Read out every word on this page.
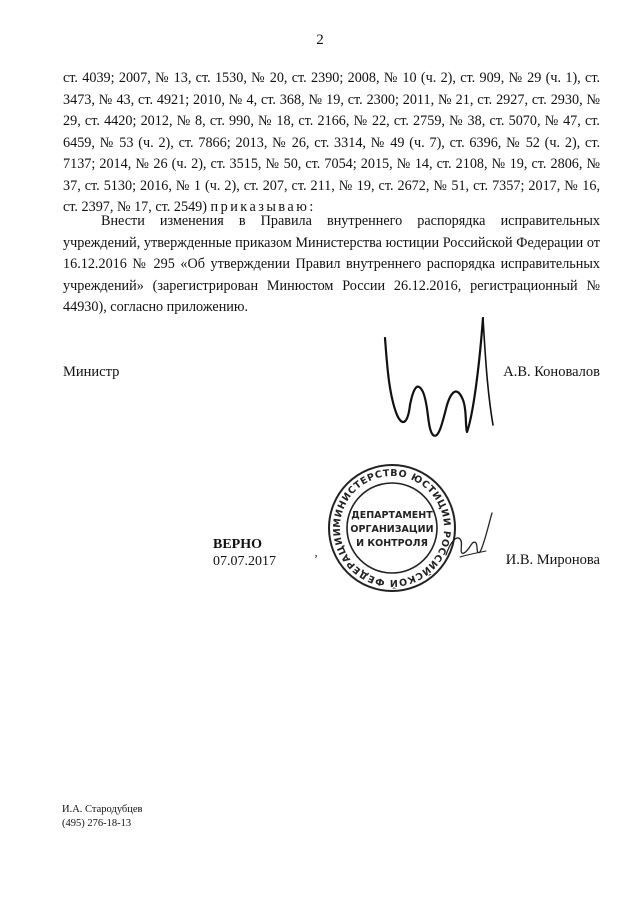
2
ст. 4039; 2007, № 13, ст. 1530, № 20, ст. 2390; 2008, № 10 (ч. 2), ст. 909, № 29 (ч. 1), ст. 3473, № 43, ст. 4921; 2010, № 4, ст. 368, № 19, ст. 2300; 2011, № 21, ст. 2927, ст. 2930, № 29, ст. 4420; 2012, № 8, ст. 990, № 18, ст. 2166, № 22, ст. 2759, № 38, ст. 5070, № 47, ст. 6459, № 53 (ч. 2), ст. 7866; 2013, № 26, ст. 3314, № 49 (ч. 7), ст. 6396, № 52 (ч. 2), ст. 7137; 2014, № 26 (ч. 2), ст. 3515, № 50, ст. 7054; 2015, № 14, ст. 2108, № 19, ст. 2806, № 37, ст. 5130; 2016, № 1 (ч. 2), ст. 207, ст. 211, № 19, ст. 2672, № 51, ст. 7357; 2017, № 16, ст. 2397, № 17, ст. 2549) приказываю:
Внести изменения в Правила внутреннего распорядка исправительных учреждений, утвержденные приказом Министерства юстиции Российской Федерации от 16.12.2016 № 295 «Об утверждении Правил внутреннего распорядка исправительных учреждений» (зарегистрирован Минюстом России 26.12.2016, регистрационный № 44930), согласно приложению.
Министр	А.В. Коновалов
МИНИСТЕРСТВО ЮСТИЦИИ РОССИЙСКОЙ ФЕДЕРАЦИИ
ДЕПАРТАМЕНТ
ОРГАНИЗАЦИИ
И КОНТРОЛЯ
ВЕРНО
07.07.2017	ʼ	И.В. Миронова
И.А. Стародубцев
(495) 276-18-13
